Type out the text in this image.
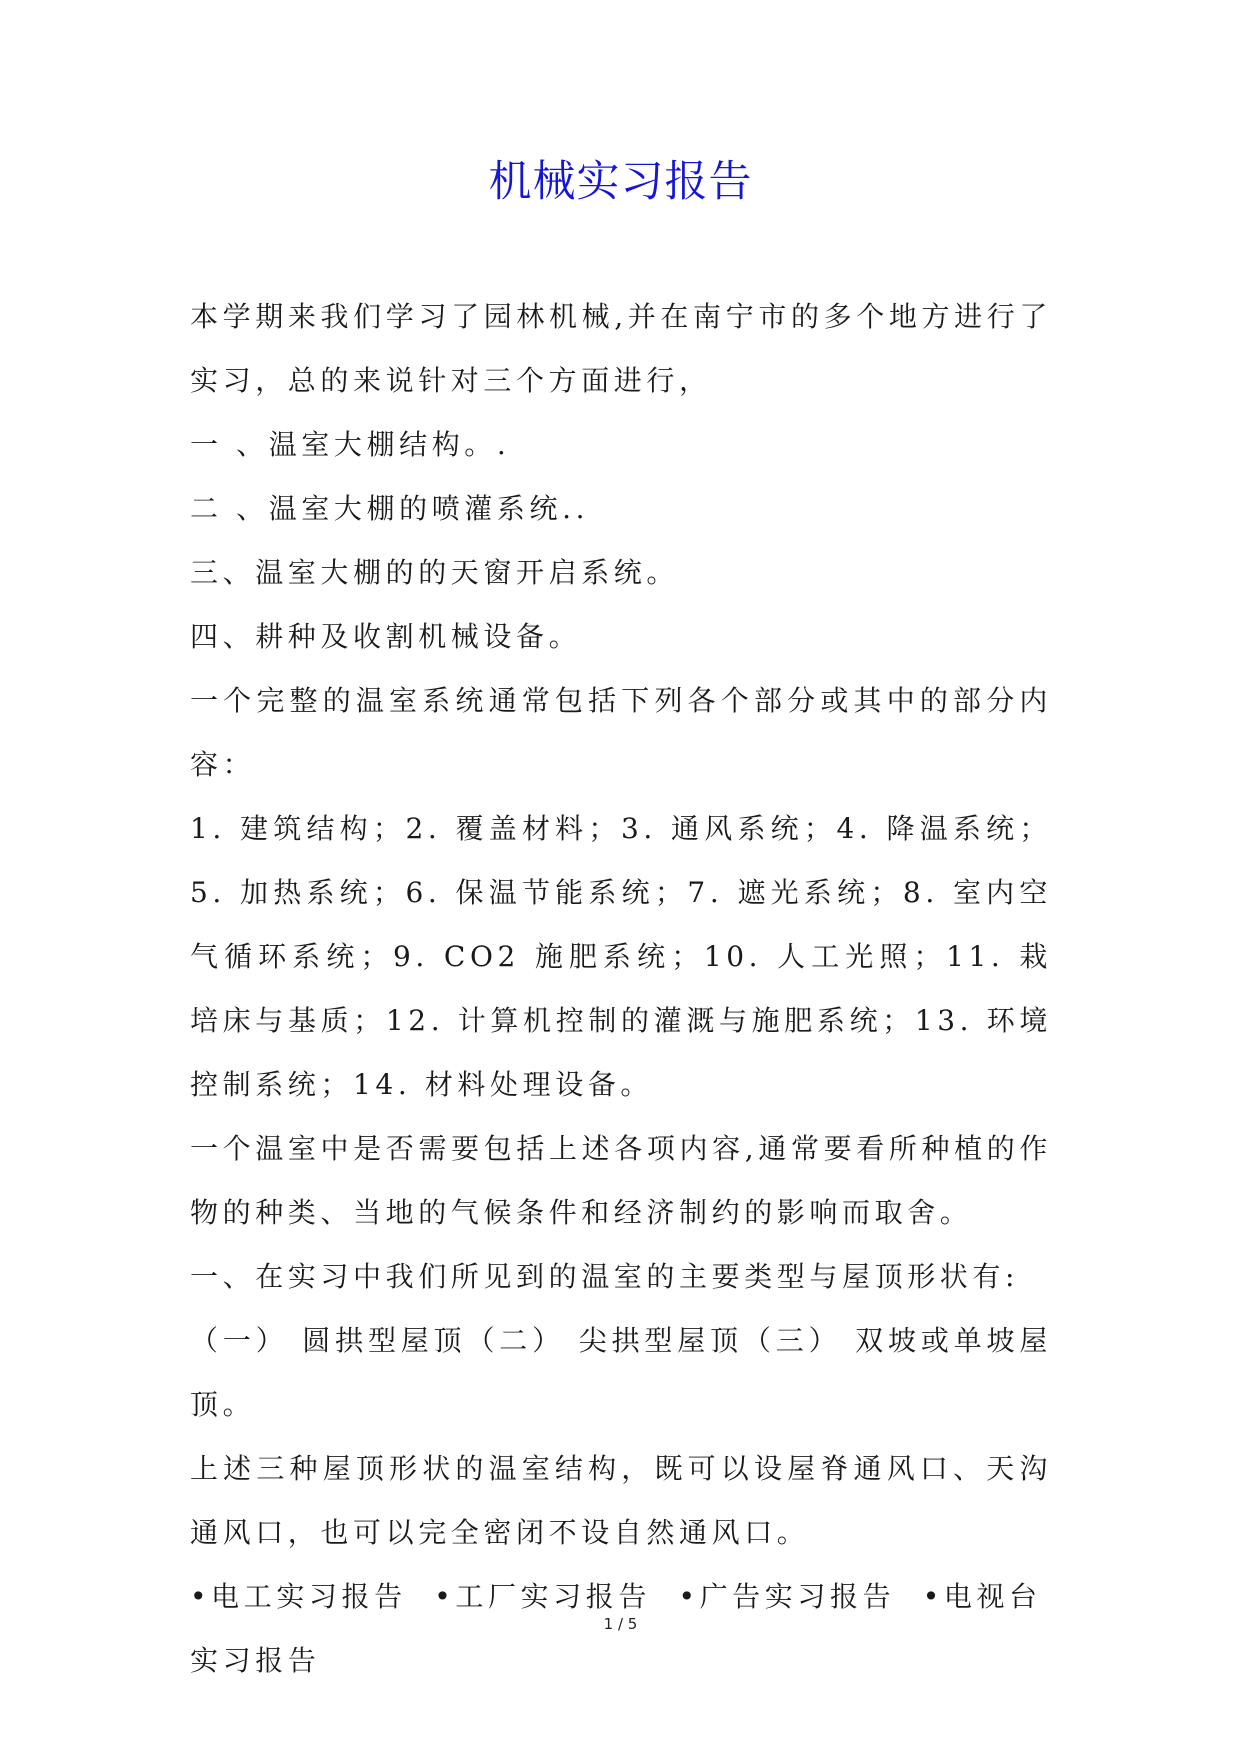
机械实习报告

本学期来我们学习了园林机械,并在南宁市的多个地方进行了实习，总的来说针对三个方面进行，

一 、温室大棚结构。.

二 、温室大棚的喷灌系统..

三、温室大棚的的天窗开启系统。

四、耕种及收割机械设备。

一个完整的温室系统通常包括下列各个部分或其中的部分内容：

1. 建筑结构；2. 覆盖材料；3. 通风系统；4. 降温系统； 5. 加热系统；6. 保温节能系统；7. 遮光系统；8. 室内空气循环系统；9. CO2 施肥系统；10. 人工光照；11. 栽培床与基质；12. 计算机控制的灌溉与施肥系统；13. 环境控制系统；14. 材料处理设备。

一个温室中是否需要包括上述各项内容,通常要看所种植的作物的种类、当地的气候条件和经济制约的影响而取舍。

一、在实习中我们所见到的温室的主要类型与屋顶形状有:

（一） 圆拱型屋顶（二） 尖拱型屋顶（三） 双坡或单坡屋顶。

上述三种屋顶形状的温室结构，既可以设屋脊通风口、天沟通风口，也可以完全密闭不设自然通风口。

•电工实习报告 •工厂实习报告 •广告实习报告 •电视台实习报告

1 / 5
